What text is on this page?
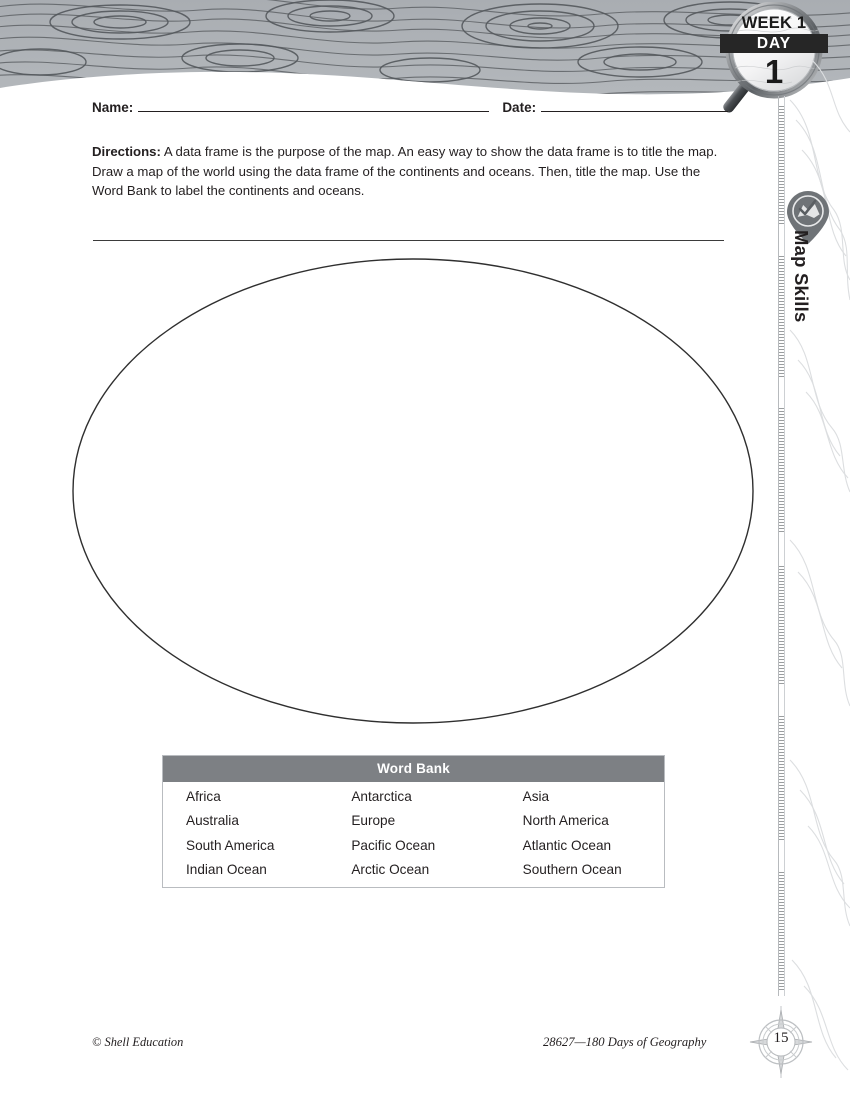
WEEK 1
DAY
1
Name:	Date:
Directions: A data frame is the purpose of the map. An easy way to show the data frame is to title the map. Draw a map of the world using the data frame of the continents and oceans. Then, title the map. Use the Word Bank to label the continents and oceans.
Word Bank
Africa	Antarctica	Asia
Australia	Europe	North America
South America	Pacific Ocean	Atlantic Ocean
Indian Ocean	Arctic Ocean	Southern Ocean
Map Skills
© Shell Education	28627—180 Days of Geography	15
